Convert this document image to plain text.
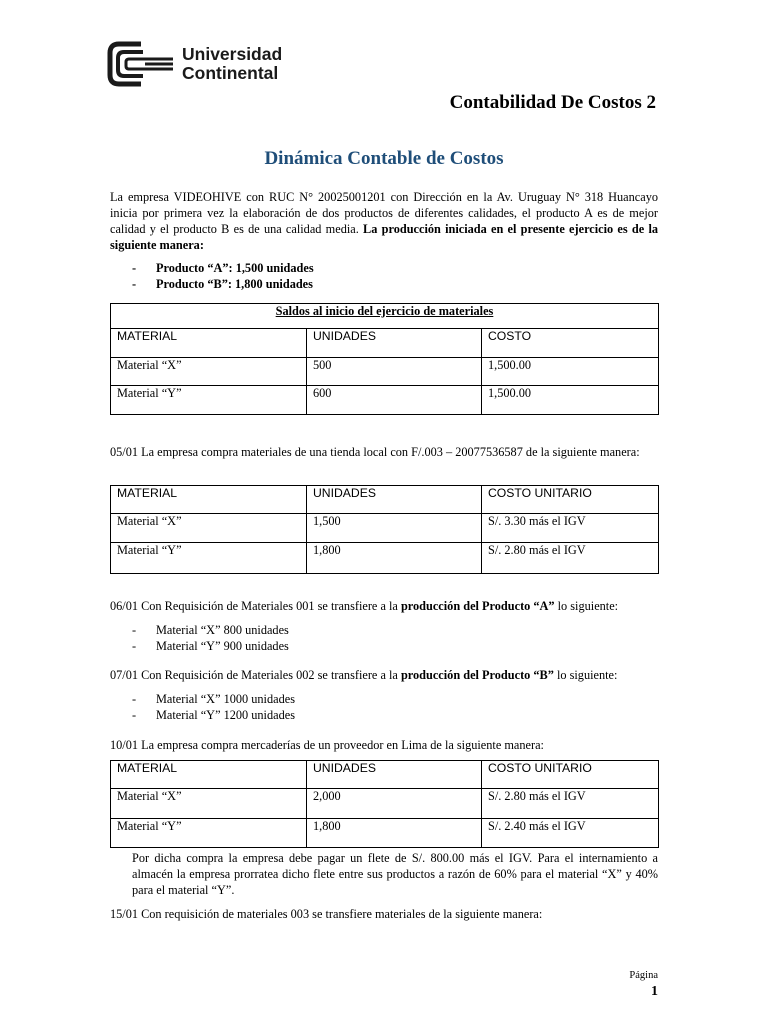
Universidad
Continental
Contabilidad De Costos 2
Dinámica Contable de Costos
La empresa VIDEOHIVE con RUC N° 20025001201 con Dirección en la Av. Uruguay N° 318 Huancayo inicia por primera vez la elaboración de dos productos de diferentes calidades, el producto A es de mejor calidad y el producto B es de una calidad media. La producción iniciada en el presente ejercicio es de la siguiente manera:
- Producto “A”: 1,500 unidades
- Producto “B”: 1,800 unidades
Saldos al inicio del ejercicio de materiales		
MATERIAL	UNIDADES	COSTO
Material “X”	500	1,500.00
Material “Y”	600	1,500.00
05/01 La empresa compra materiales de una tienda local con F/.003 – 20077536587 de la siguiente manera:
MATERIAL	UNIDADES	COSTO UNITARIO
Material “X”	1,500	S/. 3.30 más el IGV
Material “Y”	1,800	S/. 2.80 más el IGV
06/01 Con Requisición de Materiales 001 se transfiere a la producción del Producto “A” lo siguiente:
- Material “X” 800 unidades
- Material “Y” 900 unidades
07/01 Con Requisición de Materiales 002 se transfiere a la producción del Producto “B” lo siguiente:
- Material “X” 1000 unidades
- Material “Y” 1200 unidades
10/01 La empresa compra mercaderías de un proveedor en Lima de la siguiente manera:
MATERIAL	UNIDADES	COSTO UNITARIO
Material “X”	2,000	S/. 2.80 más el IGV
Material “Y”	1,800	S/. 2.40 más el IGV
Por dicha compra la empresa debe pagar un flete de S/. 800.00 más el IGV. Para el internamiento a almacén la empresa prorratea dicho flete entre sus productos a razón de 60% para el material “X” y 40% para el material “Y”.
15/01 Con requisición de materiales 003 se transfiere materiales de la siguiente manera:
Página
1
